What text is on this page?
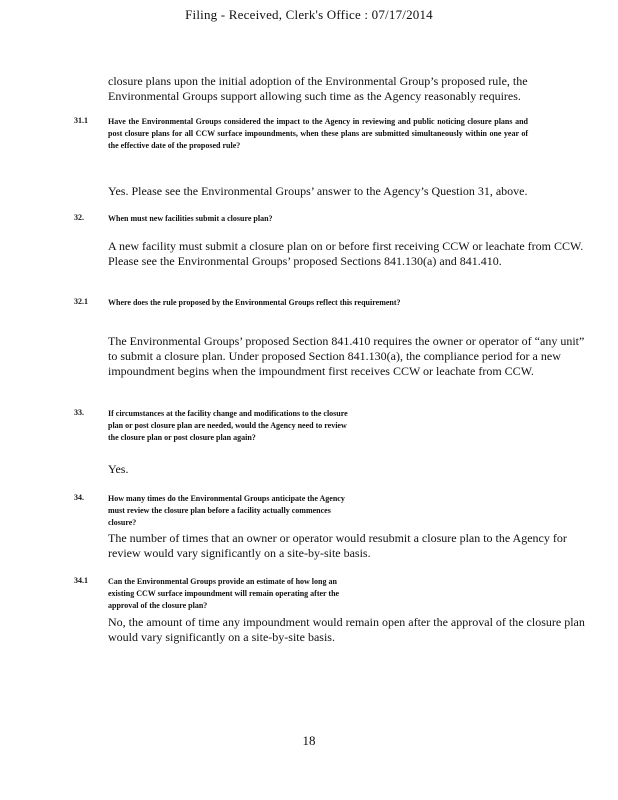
Filing - Received, Clerk's Office : 07/17/2014
closure plans upon the initial adoption of the Environmental Group’s proposed rule, the Environmental Groups support allowing such time as the Agency reasonably requires.
31.1	Have the Environmental Groups considered the impact to the Agency in reviewing and public noticing closure plans and post closure plans for all CCW surface impoundments, when these plans are submitted simultaneously within one year of the effective date of the proposed rule?
Yes. Please see the Environmental Groups’ answer to the Agency’s Question 31, above.
32.	When must new facilities submit a closure plan?
A new facility must submit a closure plan on or before first receiving CCW or leachate from CCW. Please see the Environmental Groups’ proposed Sections 841.130(a) and 841.410.
32.1	Where does the rule proposed by the Environmental Groups reflect this requirement?
The Environmental Groups’ proposed Section 841.410 requires the owner or operator of “any unit” to submit a closure plan. Under proposed Section 841.130(a), the compliance period for a new impoundment begins when the impoundment first receives CCW or leachate from CCW.
33.	If circumstances at the facility change and modifications to the closure plan or post closure plan are needed, would the Agency need to review the closure plan or post closure plan again?
Yes.
34.	How many times do the Environmental Groups anticipate the Agency must review the closure plan before a facility actually commences closure?
The number of times that an owner or operator would resubmit a closure plan to the Agency for review would vary significantly on a site-by-site basis.
34.1	Can the Environmental Groups provide an estimate of how long an existing CCW surface impoundment will remain operating after the approval of the closure plan?
No, the amount of time any impoundment would remain open after the approval of the closure plan would vary significantly on a site-by-site basis.
18
